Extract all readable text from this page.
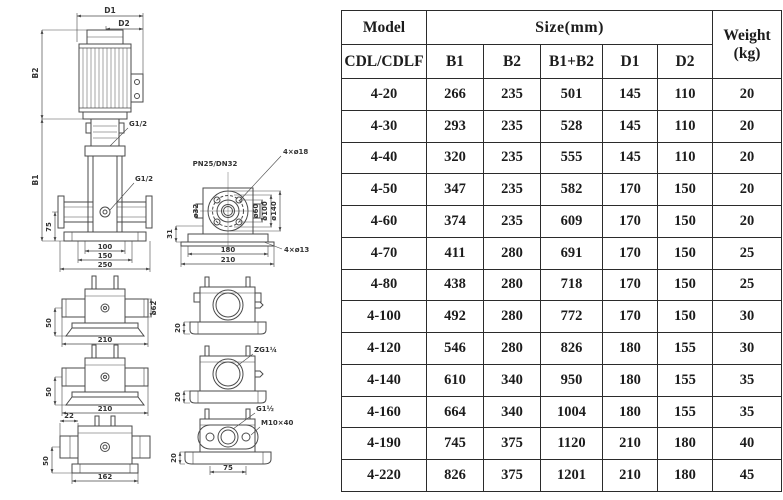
D1
D2
G1/2
G1/2
75
B1
B2
100
150
250
PN25/DN32
4×ø18
ø32	ø60 ø100 ø140
31
180
210
4×ø13
50
210
ø62
20
50
210
ZG1¼
20
22
50
162
G1½
M10×40
75
20
Model	Size(mm)					Weight
(kg)

CDL/CDLF	B1	B2	B1+B2	D1	D2	
4-20	266	235	501	145	110	20
4-30	293	235	528	145	110	20
4-40	320	235	555	145	110	20
4-50	347	235	582	170	150	20
4-60	374	235	609	170	150	20
4-70	411	280	691	170	150	25
4-80	438	280	718	170	150	25
4-100	492	280	772	170	150	30
4-120	546	280	826	180	155	30
4-140	610	340	950	180	155	35
4-160	664	340	1004	180	155	35
4-190	745	375	1120	210	180	40
4-220	826	375	1201	210	180	45
